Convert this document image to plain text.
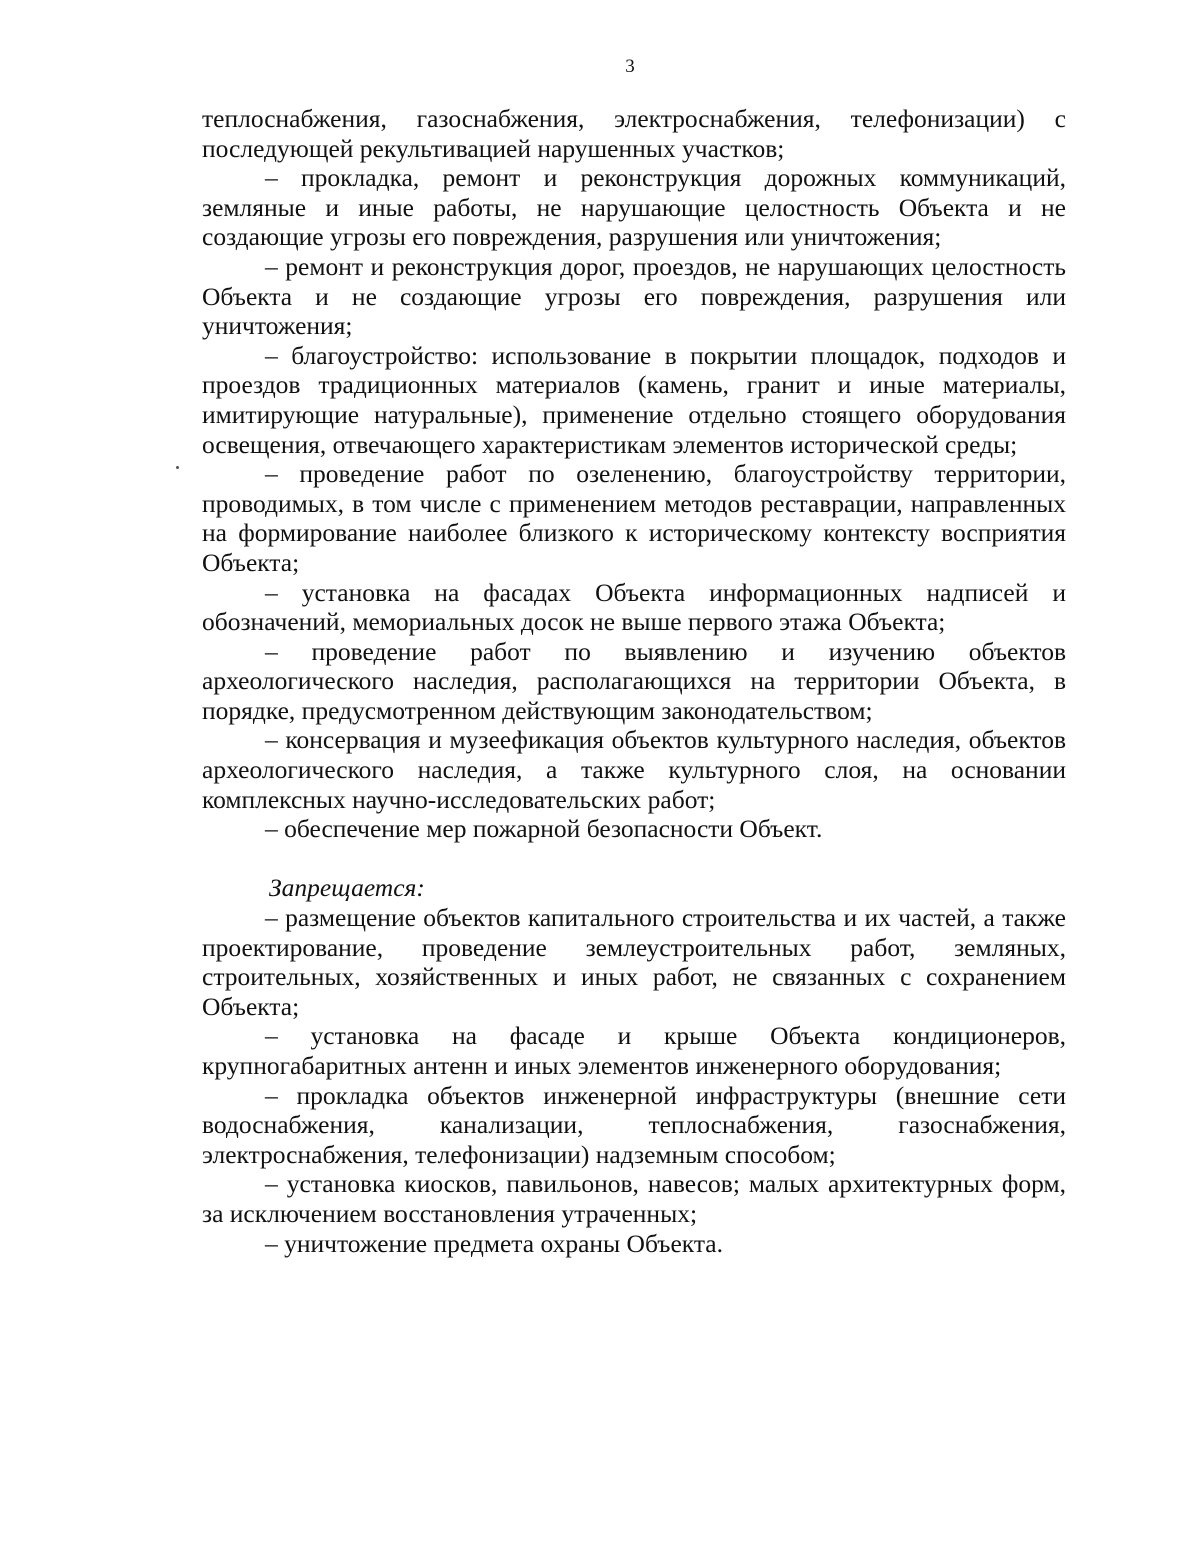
3

теплоснабжения, газоснабжения, электроснабжения, телефонизации) с последующей рекультивацией нарушенных участков;

– прокладка, ремонт и реконструкция дорожных коммуникаций, земляные и иные работы, не нарушающие целостность Объекта и не создающие угрозы его повреждения, разрушения или уничтожения;

– ремонт и реконструкция дорог, проездов, не нарушающих целостность Объекта и не создающие угрозы его повреждения, разрушения или уничтожения;

– благоустройство: использование в покрытии площадок, подходов и проездов традиционных материалов (камень, гранит и иные материалы, имитирующие натуральные), применение отдельно стоящего оборудования освещения, отвечающего характеристикам элементов исторической среды;

– проведение работ по озеленению, благоустройству территории, проводимых, в том числе с применением методов реставрации, направленных на формирование наиболее близкого к историческому контексту восприятия Объекта;

– установка на фасадах Объекта информационных надписей и обозначений, мемориальных досок не выше первого этажа Объекта;

– проведение работ по выявлению и изучению объектов археологического наследия, располагающихся на территории Объекта, в порядке, предусмотренном действующим законодательством;

– консервация и музеефикация объектов культурного наследия, объектов археологического наследия, а также культурного слоя, на основании комплексных научно-исследовательских работ;

– обеспечение мер пожарной безопасности Объект.

Запрещается:

– размещение объектов капитального строительства и их частей, а также проектирование, проведение землеустроительных работ, земляных, строительных, хозяйственных и иных работ, не связанных с сохранением Объекта;

– установка на фасаде и крыше Объекта кондиционеров, крупногабаритных антенн и иных элементов инженерного оборудования;

– прокладка объектов инженерной инфраструктуры (внешние сети водоснабжения, канализации, теплоснабжения, газоснабжения, электроснабжения, телефонизации) надземным способом;

– установка киосков, павильонов, навесов; малых архитектурных форм, за исключением восстановления утраченных;

– уничтожение предмета охраны Объекта.
